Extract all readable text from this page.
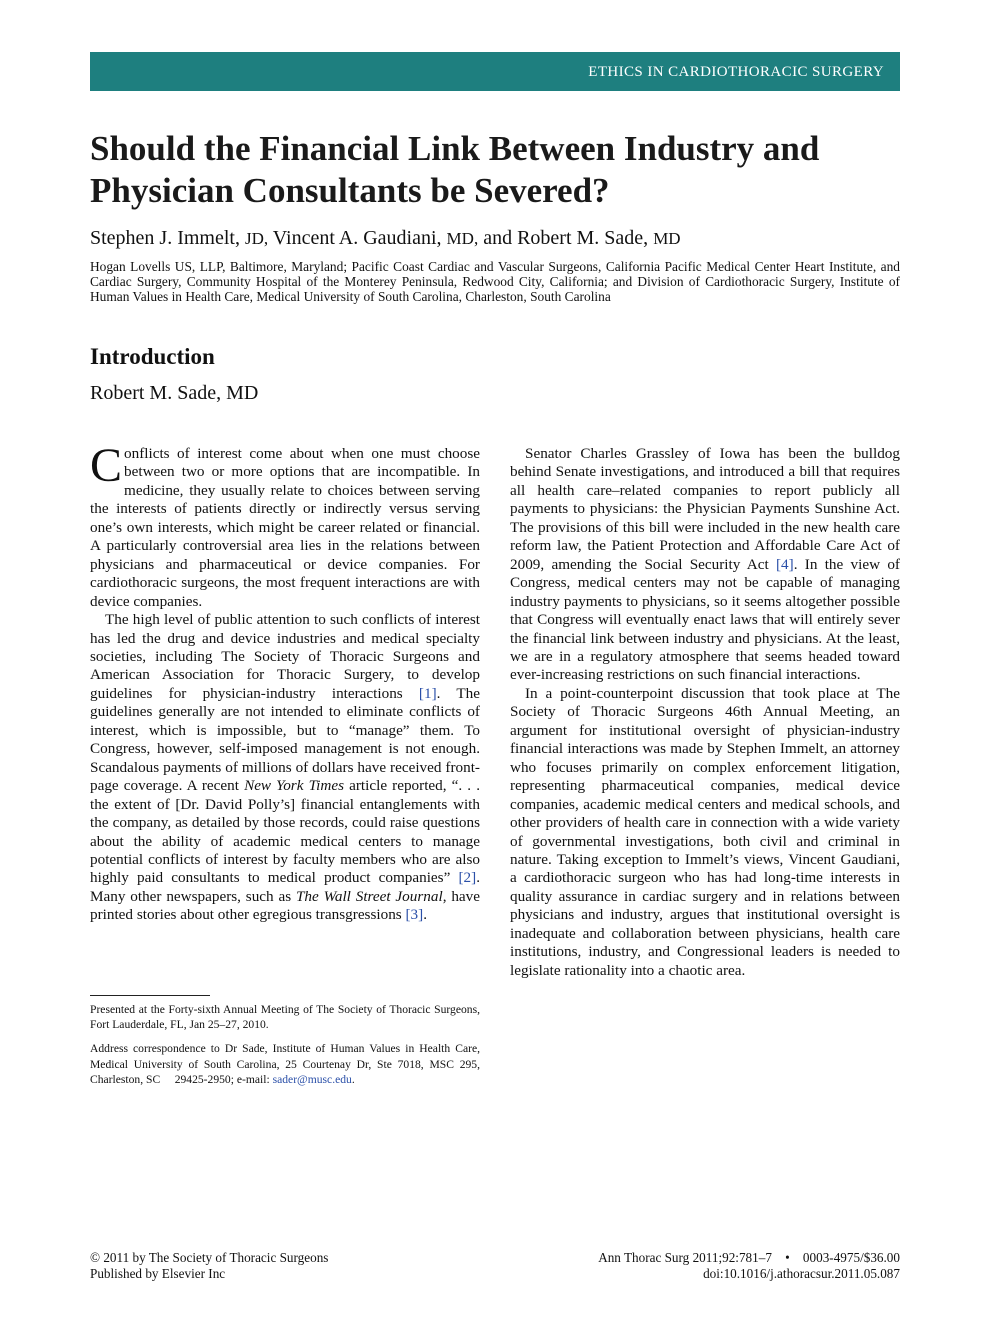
ETHICS IN CARDIOTHORACIC SURGERY
Should the Financial Link Between Industry and
Physician Consultants be Severed?
Stephen J. Immelt, JD, Vincent A. Gaudiani, MD, and Robert M. Sade, MD
Hogan Lovells US, LLP, Baltimore, Maryland; Pacific Coast Cardiac and Vascular Surgeons, California Pacific Medical Center Heart Institute, and Cardiac Surgery, Community Hospital of the Monterey Peninsula, Redwood City, California; and Division of Cardiothoracic Surgery, Institute of Human Values in Health Care, Medical University of South Carolina, Charleston, South Carolina
Introduction
Robert M. Sade, MD

Conflicts of interest come about when one must choose between two or more options that are incompatible. In medicine, they usually relate to choices between serving the interests of patients directly or indirectly versus serving one’s own interests, which might be career related or financial. A particularly controversial area lies in the relations between physicians and pharmaceutical or device companies. For cardiothoracic surgeons, the most frequent interactions are with device companies.

The high level of public attention to such conflicts of interest has led the drug and device industries and medical specialty societies, including The Society of Thoracic Surgeons and American Association for Thoracic Surgery, to develop guidelines for physician-industry interactions [1]. The guidelines generally are not intended to eliminate conflicts of interest, which is impossible, but to “manage” them. To Congress, however, self-imposed management is not enough. Scandalous payments of millions of dollars have received front-page coverage. A recent New York Times article reported, “. . . the extent of [Dr. David Polly’s] financial entanglements with the company, as detailed by those records, could raise questions about the ability of academic medical centers to manage potential conflicts of interest by faculty members who are also highly paid consultants to medical product companies” [2]. Many other newspapers, such as The Wall Street Journal, have printed stories about other egregious transgressions [3].

Senator Charles Grassley of Iowa has been the bulldog behind Senate investigations, and introduced a bill that requires all health care–related companies to report publicly all payments to physicians: the Physician Payments Sunshine Act. The provisions of this bill were included in the new health care reform law, the Patient Protection and Affordable Care Act of 2009, amending the Social Security Act [4]. In the view of Congress, medical centers may not be capable of managing industry payments to physicians, so it seems altogether possible that Congress will eventually enact laws that will entirely sever the financial link between industry and physicians. At the least, we are in a regulatory atmosphere that seems headed toward ever-increasing restrictions on such financial interactions.

In a point-counterpoint discussion that took place at The Society of Thoracic Surgeons 46th Annual Meeting, an argument for institutional oversight of physician-industry financial interactions was made by Stephen Immelt, an attorney who focuses primarily on complex enforcement litigation, representing pharmaceutical companies, medical device companies, academic medical centers and medical schools, and other providers of health care in connection with a wide variety of governmental investigations, both civil and criminal in nature. Taking exception to Immelt’s views, Vincent Gaudiani, a cardiothoracic surgeon who has had long-time interests in quality assurance in cardiac surgery and in relations between physicians and industry, argues that institutional oversight is inadequate and collaboration between physicians, health care institutions, industry, and Congressional leaders is needed to legislate rationality into a chaotic area.

Presented at the Forty-sixth Annual Meeting of The Society of Thoracic Surgeons, Fort Lauderdale, FL, Jan 25–27, 2010.

Address correspondence to Dr Sade, Institute of Human Values in Health Care, Medical University of South Carolina, 25 Courtenay Dr, Ste 7018, MSC 295, Charleston, SC  29425-2950; e-mail: sader@musc.edu.

© 2011 by The Society of Thoracic Surgeons
Published by Elsevier Inc
Ann Thorac Surg 2011;92:781–7 • 0003-4975/$36.00
doi:10.1016/j.athoracsur.2011.05.087
